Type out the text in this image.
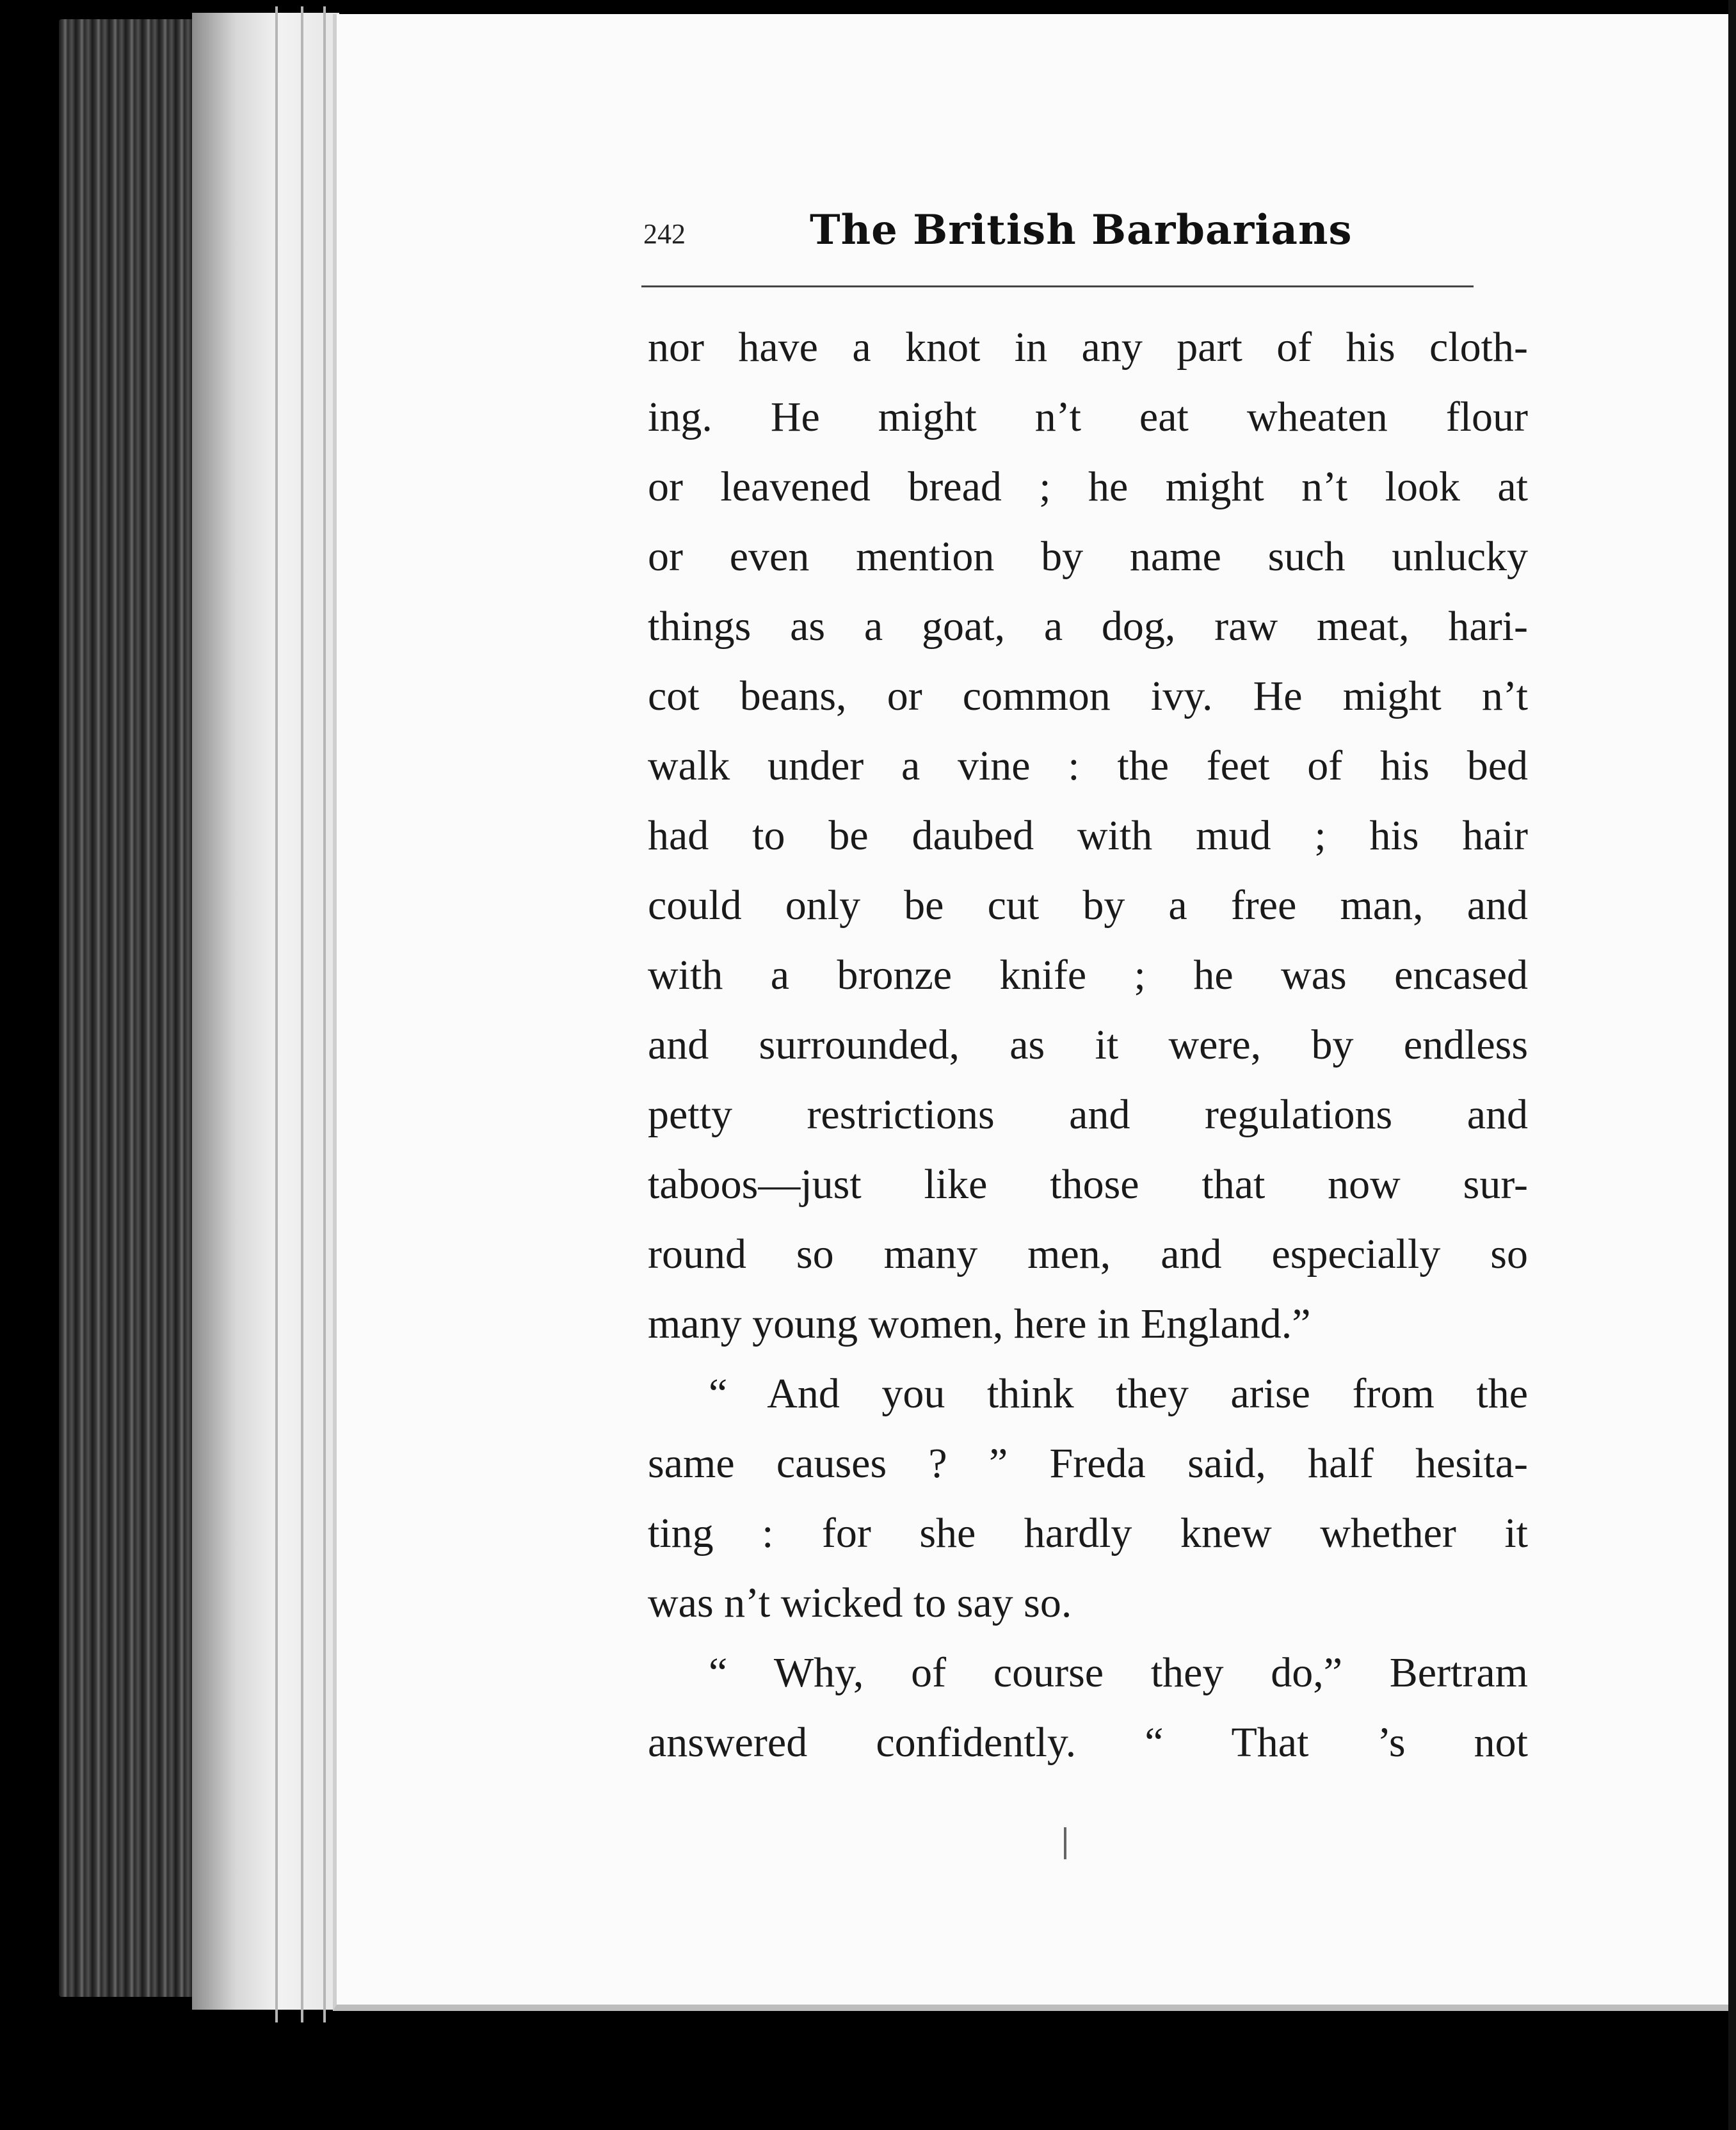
242	The British Barbarians
nor have a knot in any part of his cloth-
ing. He might n’t eat wheaten flour
or leavened bread ; he might n’t look at
or even mention by name such unlucky
things as a goat, a dog, raw meat, hari-
cot beans, or common ivy. He might n’t
walk under a vine : the feet of his bed
had to be daubed with mud ; his hair
could only be cut by a free man, and
with a bronze knife ; he was encased
and surrounded, as it were, by endless
petty restrictions and regulations and
taboos—just like those that now sur-
round so many men, and especially so
many young women, here in England.”
“ And you think they arise from the
same causes ? ” Freda said, half hesita-
ting : for she hardly knew whether it
was n’t wicked to say so.
“ Why, of course they do,” Bertram
answered confidently. “ That ’s not
